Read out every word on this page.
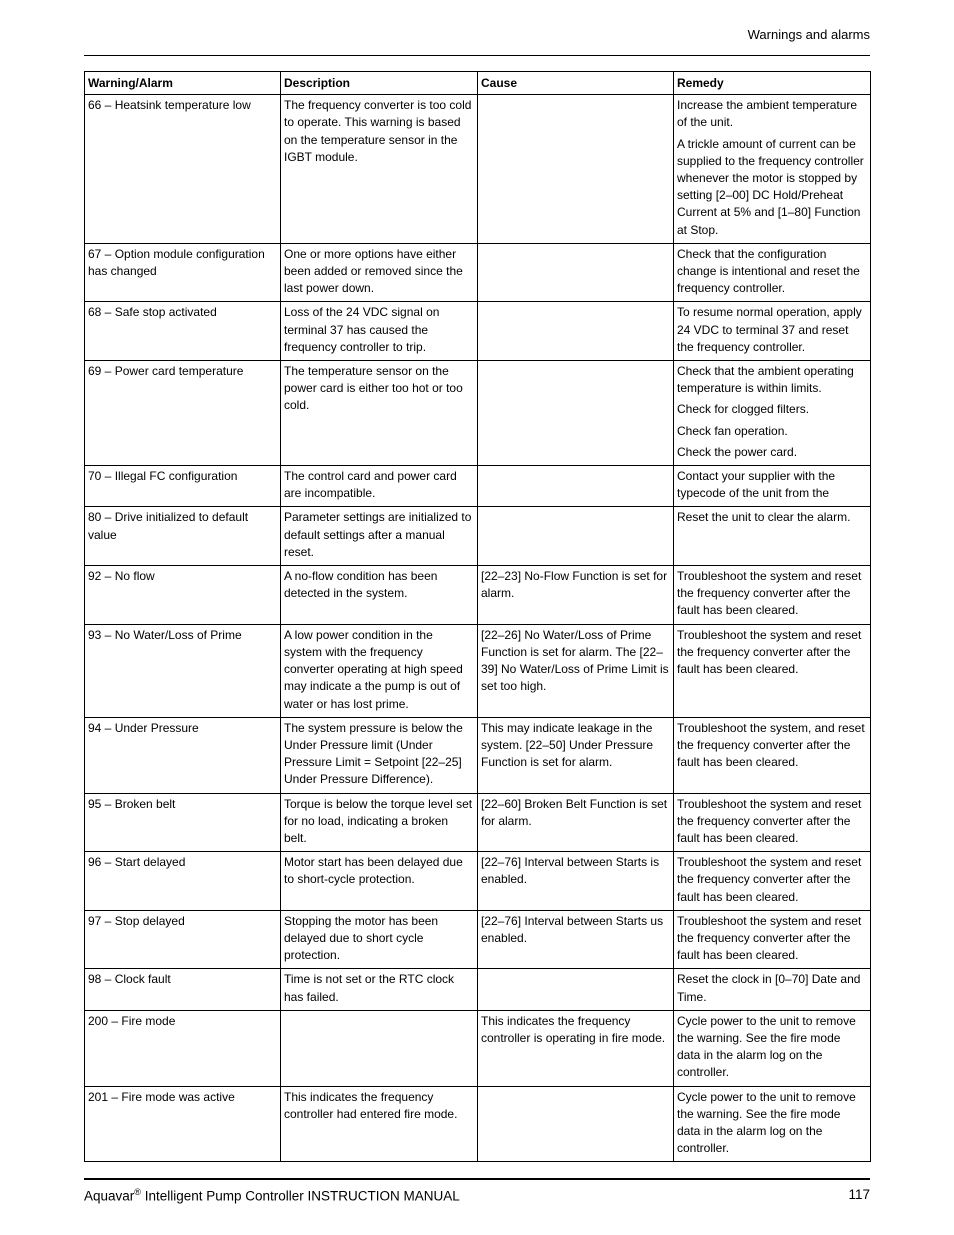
Warnings and alarms
Warning/Alarm	Description	Cause	Remedy
66 – Heatsink temperature low	The frequency converter is too cold to operate. This warning is based on the temperature sensor in the IGBT module.		Increase the ambient temperature of the unit.

A trickle amount of current can be supplied to the frequency controller whenever the motor is stopped by setting [2–00] DC Hold/Preheat Current at 5% and [1–80] Function at Stop.

67 – Option module configuration has changed	One or more options have either been added or removed since the last power down.		Check that the configuration change is intentional and reset the frequency controller.

68 – Safe stop activated	Loss of the 24 VDC signal on terminal 37 has caused the frequency controller to trip.		To resume normal operation, apply 24 VDC to terminal 37 and reset the frequency controller.

69 – Power card temperature	The temperature sensor on the power card is either too hot or too cold.		Check that the ambient operating temperature is within limits.

Check for clogged filters.

Check fan operation.

Check the power card.

70 – Illegal FC configuration	The control card and power card are incompatible.		Contact your supplier with the typecode of the unit from the

80 – Drive initialized to default value	Parameter settings are initialized to default settings after a manual reset.		Reset the unit to clear the alarm.

92 – No flow	A no-flow condition has been detected in the system.	[22–23] No-Flow Function is set for alarm.	Troubleshoot the system and reset the frequency converter after the fault has been cleared.

93 – No Water/Loss of Prime	A low power condition in the system with the frequency converter operating at high speed may indicate a the pump is out of water or has lost prime.	[22–26] No Water/Loss of Prime Function is set for alarm. The [22–39] No Water/Loss of Prime Limit is set too high.	Troubleshoot the system and reset the frequency converter after the fault has been cleared.

94 – Under Pressure	The system pressure is below the Under Pressure limit (Under Pressure Limit = Setpoint [22–25] Under Pressure Difference).	This may indicate leakage in the system. [22–50] Under Pressure Function is set for alarm.	Troubleshoot the system, and reset the frequency converter after the fault has been cleared.

95 – Broken belt	Torque is below the torque level set for no load, indicating a broken belt.	[22–60] Broken Belt Function is set for alarm.	Troubleshoot the system and reset the frequency converter after the fault has been cleared.

96 – Start delayed	Motor start has been delayed due to short-cycle protection.	[22–76] Interval between Starts is enabled.	Troubleshoot the system and reset the frequency converter after the fault has been cleared.

97 – Stop delayed	Stopping the motor has been delayed due to short cycle protection.	[22–76] Interval between Starts us enabled.	Troubleshoot the system and reset the frequency converter after the fault has been cleared.

98 – Clock fault	Time is not set or the RTC clock has failed.		Reset the clock in [0–70] Date and Time.

200 – Fire mode		This indicates the frequency controller is operating in fire mode.	Cycle power to the unit to remove the warning. See the fire mode data in the alarm log on the controller.

201 – Fire mode was active	This indicates the frequency controller had entered fire mode.		Cycle power to the unit to remove the warning. See the fire mode data in the alarm log on the controller.

Aquavar® Intelligent Pump Controller INSTRUCTION MANUAL	117
